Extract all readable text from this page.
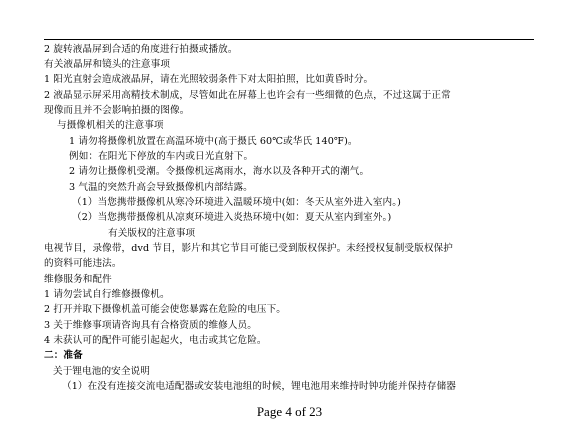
2 旋转液晶屏到合适的角度进行拍摄或播放。
有关液晶屏和镜头的注意事项
1 阳光直射会造成液晶屏，请在光照较弱条件下对太阳拍照，比如黄昏时分。
2 液晶显示屏采用高精技术制成，尽管如此在屏幕上也许会有一些细微的色点，不过这属于正常
现像而且并不会影响拍摄的图像。
与摄像机相关的注意事项
1 请勿将摄像机放置在高温环境中(高于摄氏 60℃或华氏 140℉)。
例如：在阳光下停放的车内或日光直射下。
2 请勿让摄像机受潮。令摄像机远离雨水，海水以及各种开式的潮气。
3 气温的突然升高会导致摄像机内部结露。
（1）当您携带摄像机从寒冷环境进入温暖环境中(如：冬天从室外进入室内。)
（2）当您携带摄像机从凉爽环境进入炎热环境中(如：夏天从室内到室外。)
有关版权的注意事项
电视节目，录像带，dvd 节目，影片和其它节目可能已受到版权保护。未经授权复制受版权保护
的资料可能违法。
维修服务和配件
1 请勿尝试自行维修摄像机。
2 打开并取下摄像机盖可能会使您暴露在危险的电压下。
3 关于维修事项请咨询具有合格资质的维修人员。
4 未获认可的配件可能引起起火，电击或其它危险。
二：准备
关于锂电池的安全说明
（1）在没有连接交流电适配器或安装电池组的时候，锂电池用来维持时钟功能并保持存储器
Page 4 of 23
